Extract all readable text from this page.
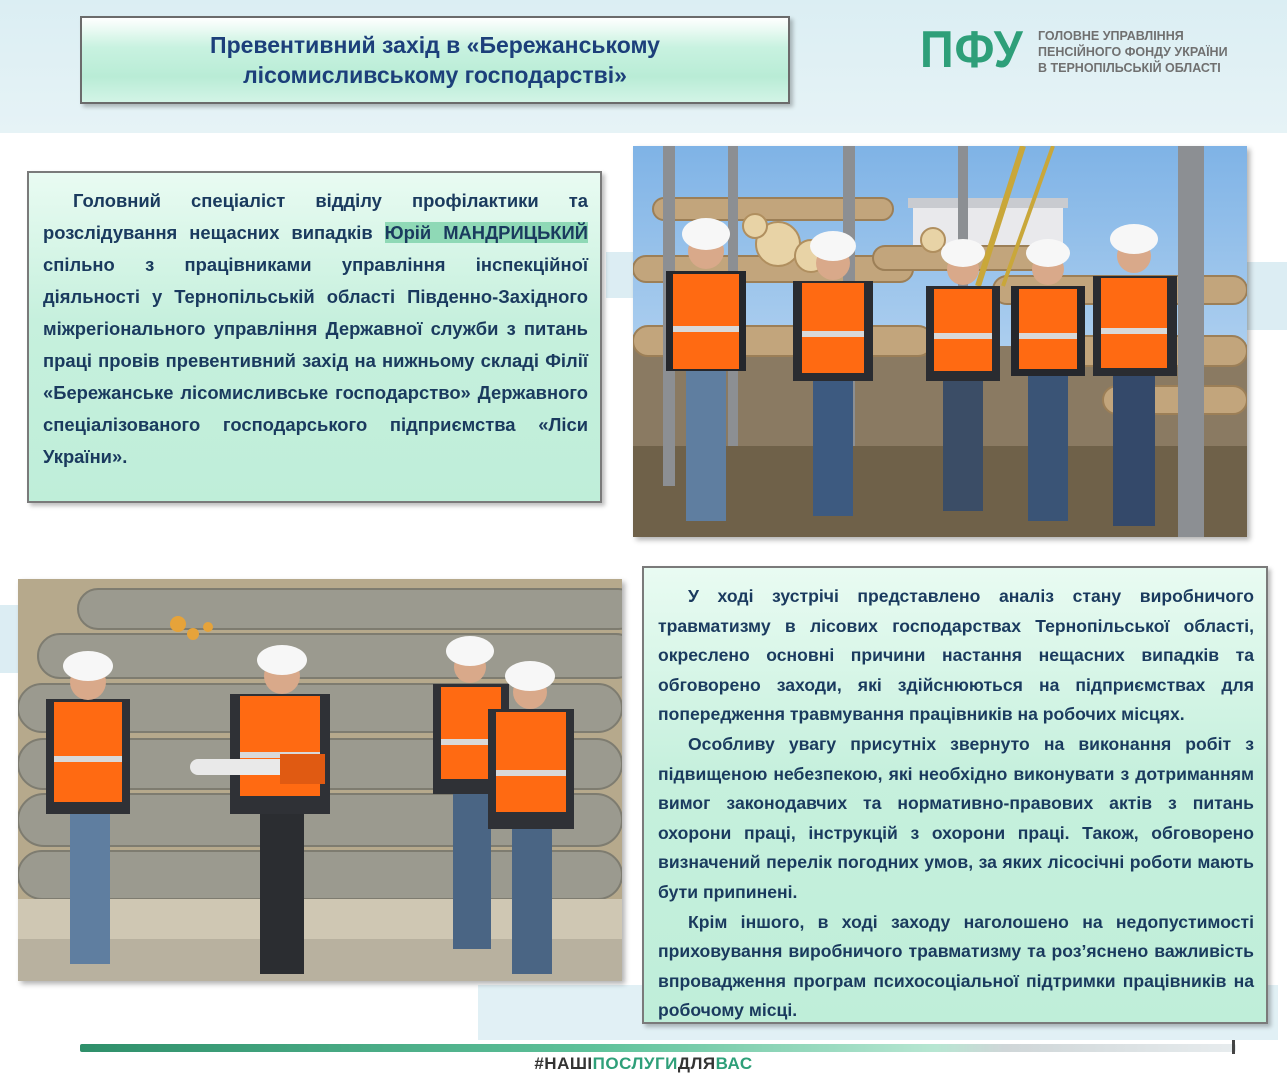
Превентивний захід в «Бережанському
лісомисливському господарстві»	ПФУ ГОЛОВНЕ УПРАВЛІННЯ
ПЕНСІЙНОГО ФОНДУ УКРАЇНИ
В ТЕРНОПІЛЬСЬКІЙ ОБЛАСТІ

Головний спеціаліст відділу профілактики та розслідування нещасних випадків Юрій МАНДРИЦЬКИЙ спільно з працівниками управління інспекційної діяльності у Тернопільській області Південно-Західного міжрегіонального управління Державної служби з питань праці провів превентивний захід на нижньому складі Філії «Бережанське лісомисливське господарство» Державного спеціалізованого господарського підприємства «Ліси України».

У ході зустрічі представлено аналіз стану виробничого травматизму в лісових господарствах Тернопільської області, окреслено основні причини настання нещасних випадків та обговорено заходи, які здійснюються на підприємствах для попередження травмування працівників на робочих місцях.

Особливу увагу присутніх звернуто на виконання робіт з підвищеною небезпекою, які необхідно виконувати з дотриманням вимог законодавчих та нормативно-правових актів з питань охорони праці, інструкцій з охорони праці. Також, обговорено визначений перелік погодних умов, за яких лісосічні роботи мають бути припинені.

Крім іншого, в ході заходу наголошено на недопустимості приховування виробничого травматизму та роз’яснено важливість впровадження програм психосоціальної підтримки працівників на робочому місці.

#НАШІПОСЛУГИДЛЯВАС
